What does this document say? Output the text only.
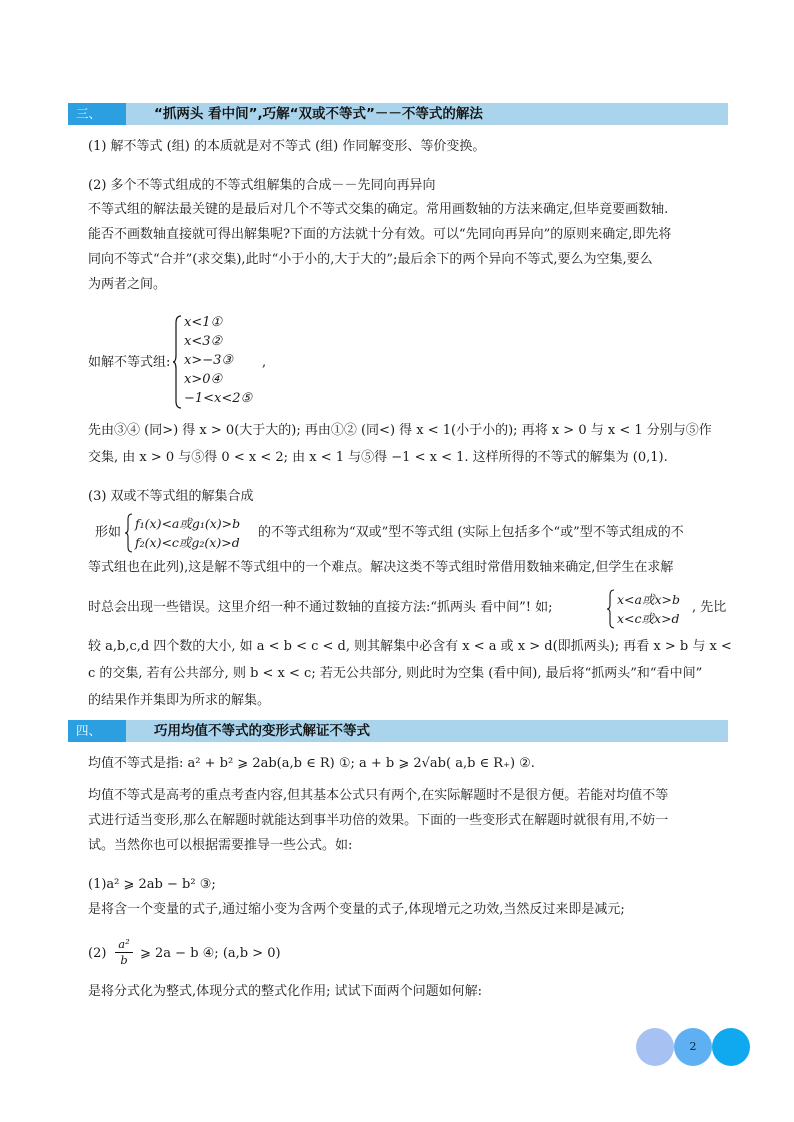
三、	“抓两头 看中间”,巧解“双或不等式”－－不等式的解法

(1) 解不等式 (组) 的本质就是对不等式 (组) 作同解变形、等价变换。

(2) 多个不等式组成的不等式组解集的合成－－先同向再异向

不等式组的解法最关键的是最后对几个不等式交集的确定。常用画数轴的方法来确定,但毕竟要画数轴.

能否不画数轴直接就可得出解集呢?下面的方法就十分有效。可以“先同向再异向”的原则来确定,即先将

同向不等式“合并”(求交集),此时“小于小的,大于大的”;最后余下的两个异向不等式,要么为空集,要么

为两者之间。

如解不等式组:

x<1①
x<3②
x>−3③
x>0④
−1<x<2⑤

,

先由③④ (同>) 得 x > 0(大于大的); 再由①② (同<) 得 x < 1(小于小的); 再将 x > 0 与 x < 1 分别与⑤作

交集, 由 x > 0 与⑤得 0 < x < 2; 由 x < 1 与⑤得 −1 < x < 1. 这样所得的不等式的解集为 (0,1).

(3) 双或不等式组的解集合成

形如

f₁(x)<a或g₁(x)>b
f₂(x)<c或g₂(x)>d

的不等式组称为“双或”型不等式组 (实际上包括多个“或”型不等式组成的不

等式组也在此列),这是解不等式组中的一个难点。解决这类不等式组时常借用数轴来确定,但学生在求解

时总会出现一些错误。这里介绍一种不通过数轴的直接方法:“抓两头 看中间”! 如;

x<a或x>b
x<c或x>d

, 先比

较 a,b,c,d 四个数的大小, 如 a < b < c < d, 则其解集中必含有 x < a 或 x > d(即抓两头); 再看 x > b 与 x <

c 的交集, 若有公共部分, 则 b < x < c; 若无公共部分, 则此时为空集 (看中间), 最后将“抓两头”和“看中间”

的结果作并集即为所求的解集。

四、	巧用均值不等式的变形式解证不等式

均值不等式是指: a² + b² ⩾ 2ab(a,b ∈ R) ①; a + b ⩾ 2√ab( a,b ∈ R₊) ②.

均值不等式是高考的重点考查内容,但其基本公式只有两个,在实际解题时不是很方便。若能对均值不等

式进行适当变形,那么在解题时就能达到事半功倍的效果。下面的一些变形式在解题时就很有用,不妨一

试。当然你也可以根据需要推导一些公式。如:

(1)a² ⩾ 2ab − b² ③;

是将含一个变量的式子,通过缩小变为含两个变量的式子,体现增元之功效,当然反过来即是减元;

$(2) \frac{\text{a²}}{b}$ ⩾ 2a − b ④; (a,b > 0)

是将分式化为整式,体现分式的整式化作用; 试试下面两个问题如何解:

2
